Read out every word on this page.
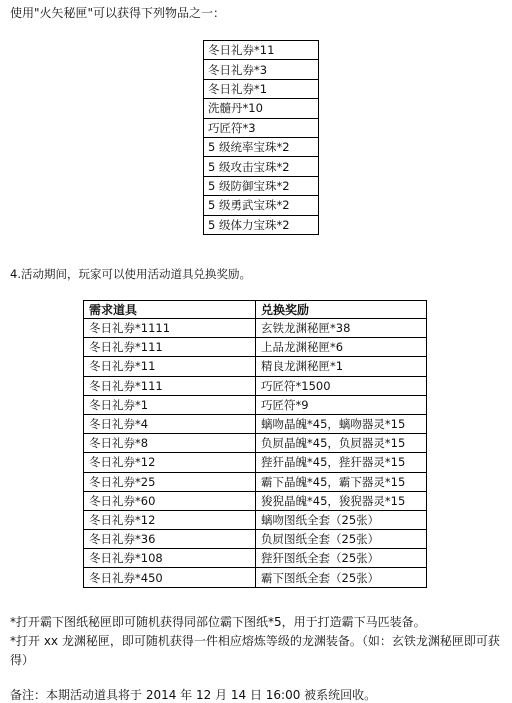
使用"火矢秘匣"可以获得下列物品之一：
冬日礼券*11
冬日礼券*3
冬日礼券*1
洗髓丹*10
巧匠符*3
5 级统率宝珠*2
5 级攻击宝珠*2
5 级防御宝珠*2
5 级勇武宝珠*2
5 级体力宝珠*2
4.活动期间，玩家可以使用活动道具兑换奖励。
需求道具	兑换奖励
冬日礼券*1111	玄铁龙渊秘匣*38
冬日礼券*111	上品龙渊秘匣*6
冬日礼券*11	精良龙渊秘匣*1
冬日礼券*111	巧匠符*1500
冬日礼券*1	巧匠符*9
冬日礼券*4	螭吻晶魄*45，螭吻器灵*15
冬日礼券*8	负屃晶魄*45，负屃器灵*15
冬日礼券*12	狴犴晶魄*45，狴犴器灵*15
冬日礼券*25	霸下晶魄*45，霸下器灵*15
冬日礼券*60	狻猊晶魄*45，狻猊器灵*15
冬日礼券*12	螭吻图纸全套（25张）
冬日礼券*36	负屃图纸全套（25张）
冬日礼券*108	狴犴图纸全套（25张）
冬日礼券*450	霸下图纸全套（25张）
*打开霸下图纸秘匣即可随机获得同部位霸下图纸*5，用于打造霸下马匹装备。
*打开 xx 龙渊秘匣，即可随机获得一件相应熔炼等级的龙渊装备。（如：玄铁龙渊秘匣即可获得）
备注：本期活动道具将于 2014 年 12 月 14 日 16:00 被系统回收。
